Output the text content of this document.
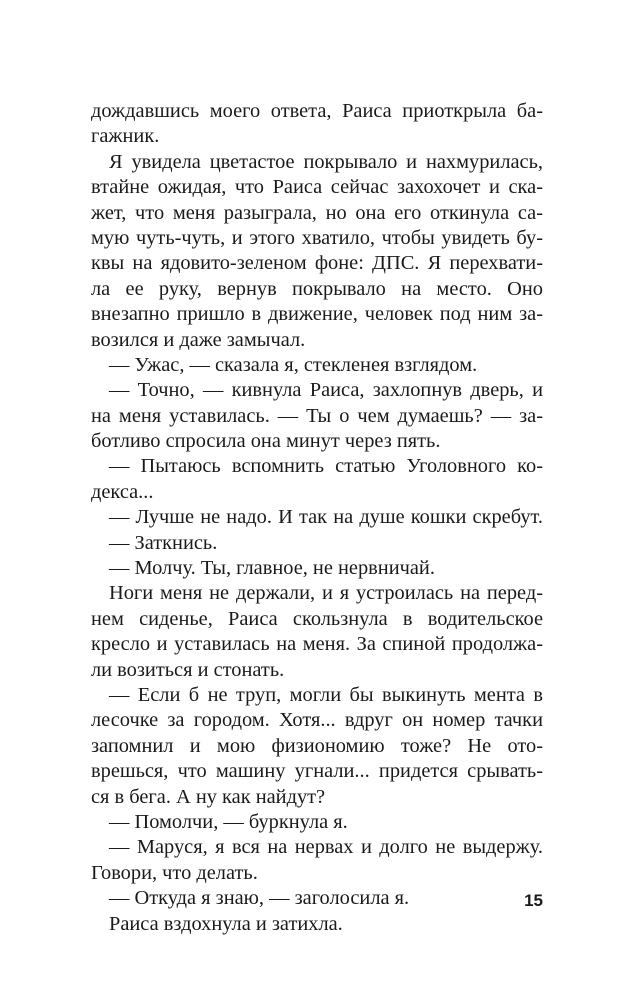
дождавшись моего ответа, Раиса приоткрыла ба-
гажник.
Я увидела цветастое покрывало и нахмурилась,
втайне ожидая, что Раиса сейчас захохочет и ска-
жет, что меня разыграла, но она его откинула са-
мую чуть-чуть, и этого хватило, чтобы увидеть бу-
квы на ядовито-зеленом фоне: ДПС. Я перехвати-
ла ее руку, вернув покрывало на место. Оно
внезапно пришло в движение, человек под ним за-
возился и даже замычал.
— Ужас, — сказала я, стекленея взглядом.
— Точно, — кивнула Раиса, захлопнув дверь, и
на меня уставилась. — Ты о чем думаешь? — за-
ботливо спросила она минут через пять.
— Пытаюсь вспомнить статью Уголовного ко-
декса...
— Лучше не надо. И так на душе кошки скребут.
— Заткнись.
— Молчу. Ты, главное, не нервничай.
Ноги меня не держали, и я устроилась на перед-
нем сиденье, Раиса скользнула в водительское
кресло и уставилась на меня. За спиной продолжа-
ли возиться и стонать.
— Если б не труп, могли бы выкинуть мента в
лесочке за городом. Хотя... вдруг он номер тачки
запомнил и мою физиономию тоже? Не ото-
врешься, что машину угнали... придется срывать-
ся в бега. А ну как найдут?
— Помолчи, — буркнула я.
— Маруся, я вся на нервах и долго не выдержу.
Говори, что делать.
— Откуда я знаю, — заголосила я.
Раиса вздохнула и затихла.
15
